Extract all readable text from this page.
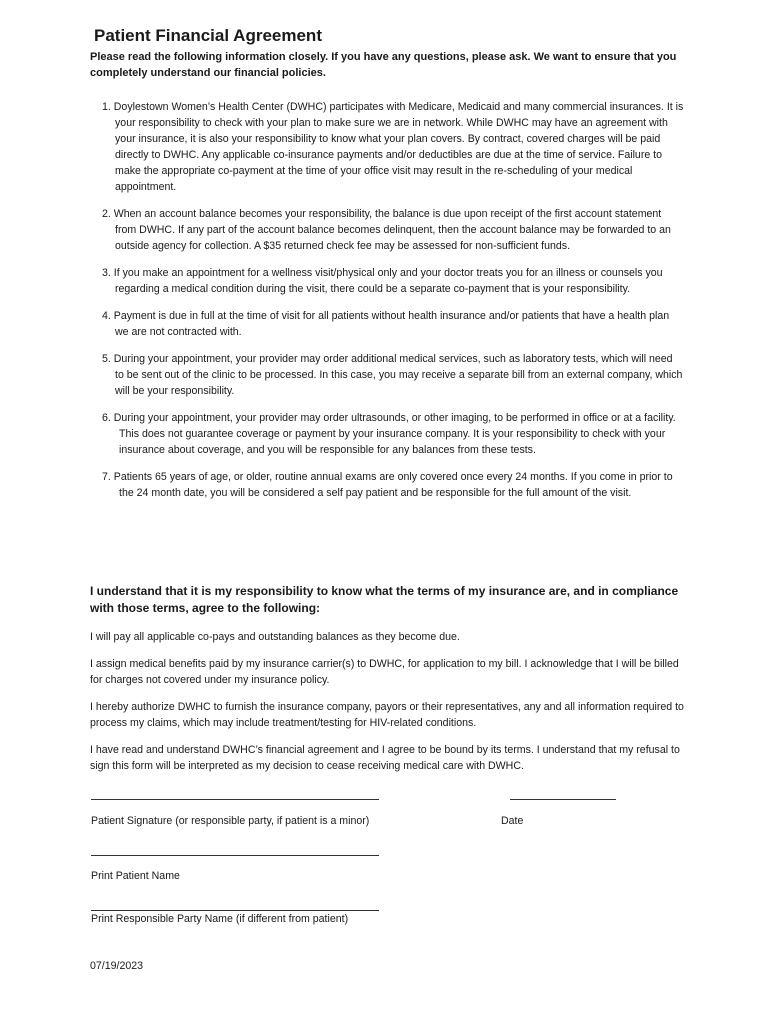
Patient Financial Agreement

Please read the following information closely. If you have any questions, please ask. We want to ensure that you completely understand our financial policies.

1. Doylestown Women’s Health Center (DWHC) participates with Medicare, Medicaid and many commercial insurances. It is your responsibility to check with your plan to make sure we are in network. While DWHC may have an agreement with your insurance, it is also your responsibility to know what your plan covers. By contract, covered charges will be paid directly to DWHC. Any applicable co-insurance payments and/or deductibles are due at the time of service. Failure to make the appropriate co-payment at the time of your office visit may result in the re-scheduling of your medical appointment.
2. When an account balance becomes your responsibility, the balance is due upon receipt of the first account statement from DWHC. If any part of the account balance becomes delinquent, then the account balance may be forwarded to an outside agency for collection. A $35 returned check fee may be assessed for non-sufficient funds.
3. If you make an appointment for a wellness visit/physical only and your doctor treats you for an illness or counsels you regarding a medical condition during the visit, there could be a separate co-payment that is your responsibility.
4. Payment is due in full at the time of visit for all patients without health insurance and/or patients that have a health plan we are not contracted with.
5. During your appointment, your provider may order additional medical services, such as laboratory tests, which will need to be sent out of the clinic to be processed. In this case, you may receive a separate bill from an external company, which will be your responsibility.
6. During your appointment, your provider may order ultrasounds, or other imaging, to be performed in office or at a facility. This does not guarantee coverage or payment by your insurance company. It is your responsibility to check with your insurance about coverage, and you will be responsible for any balances from these tests.
7. Patients 65 years of age, or older, routine annual exams are only covered once every 24 months. If you come in prior to the 24 month date, you will be considered a self pay patient and be responsible for the full amount of the visit.

I understand that it is my responsibility to know what the terms of my insurance are, and in compliance with those terms, agree to the following:

I will pay all applicable co-pays and outstanding balances as they become due.

I assign medical benefits paid by my insurance carrier(s) to DWHC, for application to my bill. I acknowledge that I will be billed for charges not covered under my insurance policy.

I hereby authorize DWHC to furnish the insurance company, payors or their representatives, any and all information required to process my claims, which may include treatment/testing for HIV-related conditions.

I have read and understand DWHC’s financial agreement and I agree to be bound by its terms. I understand that my refusal to sign this form will be interpreted as my decision to cease receiving medical care with DWHC.

Patient Signature (or responsible party, if patient is a minor)	Date

Print Patient Name

Print Responsible Party Name (if different from patient)

07/19/2023
